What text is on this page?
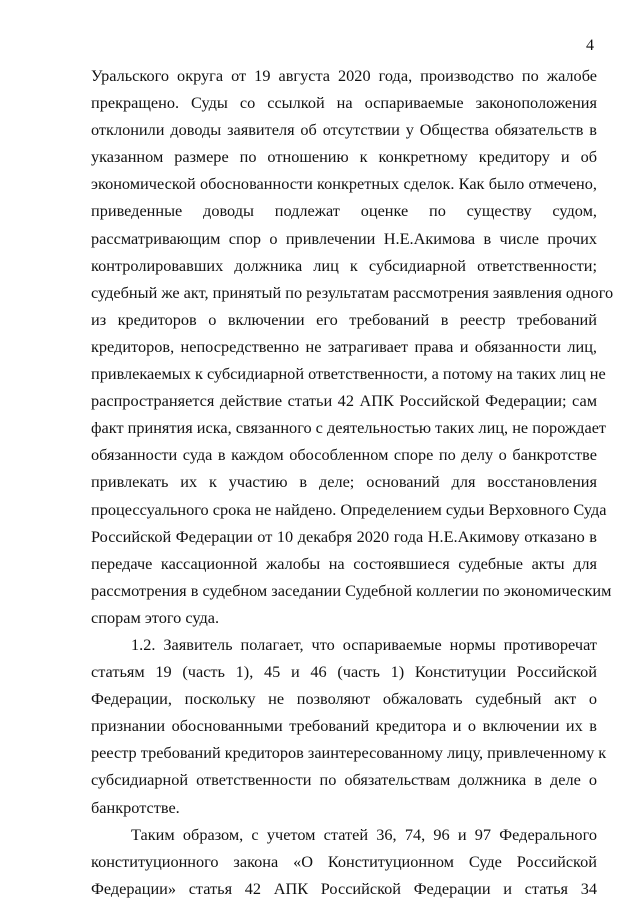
4
Уральского округа от 19 августа 2020 года, производство по жалобе
прекращено. Суды со ссылкой на оспариваемые законоположения
отклонили доводы заявителя об отсутствии у Общества обязательств в
указанном размере по отношению к конкретному кредитору и об
экономической обоснованности конкретных сделок. Как было отмечено,
приведенные доводы подлежат оценке по существу судом,
рассматривающим спор о привлечении Н.Е.Акимова в числе прочих
контролировавших должника лиц к субсидиарной ответственности;
судебный же акт, принятый по результатам рассмотрения заявления одного
из кредиторов о включении его требований в реестр требований
кредиторов, непосредственно не затрагивает права и обязанности лиц,
привлекаемых к субсидиарной ответственности, а потому на таких лиц не
распространяется действие статьи 42 АПК Российской Федерации; сам
факт принятия иска, связанного с деятельностью таких лиц, не порождает
обязанности суда в каждом обособленном споре по делу о банкротстве
привлекать их к участию в деле; оснований для восстановления
процессуального срока не найдено. Определением судьи Верховного Суда
Российской Федерации от 10 декабря 2020 года Н.Е.Акимову отказано в
передаче кассационной жалобы на состоявшиеся судебные акты для
рассмотрения в судебном заседании Судебной коллегии по экономическим
спорам этого суда.
1.2. Заявитель полагает, что оспариваемые нормы противоречат
статьям 19 (часть 1), 45 и 46 (часть 1) Конституции Российской
Федерации, поскольку не позволяют обжаловать судебный акт о
признании обоснованными требований кредитора и о включении их в
реестр требований кредиторов заинтересованному лицу, привлеченному к
субсидиарной ответственности по обязательствам должника в деле о
банкротстве.
Таким образом, с учетом статей 36, 74, 96 и 97 Федерального
конституционного закона «О Конституционном Суде Российской
Федерации» статья 42 АПК Российской Федерации и статья 34
